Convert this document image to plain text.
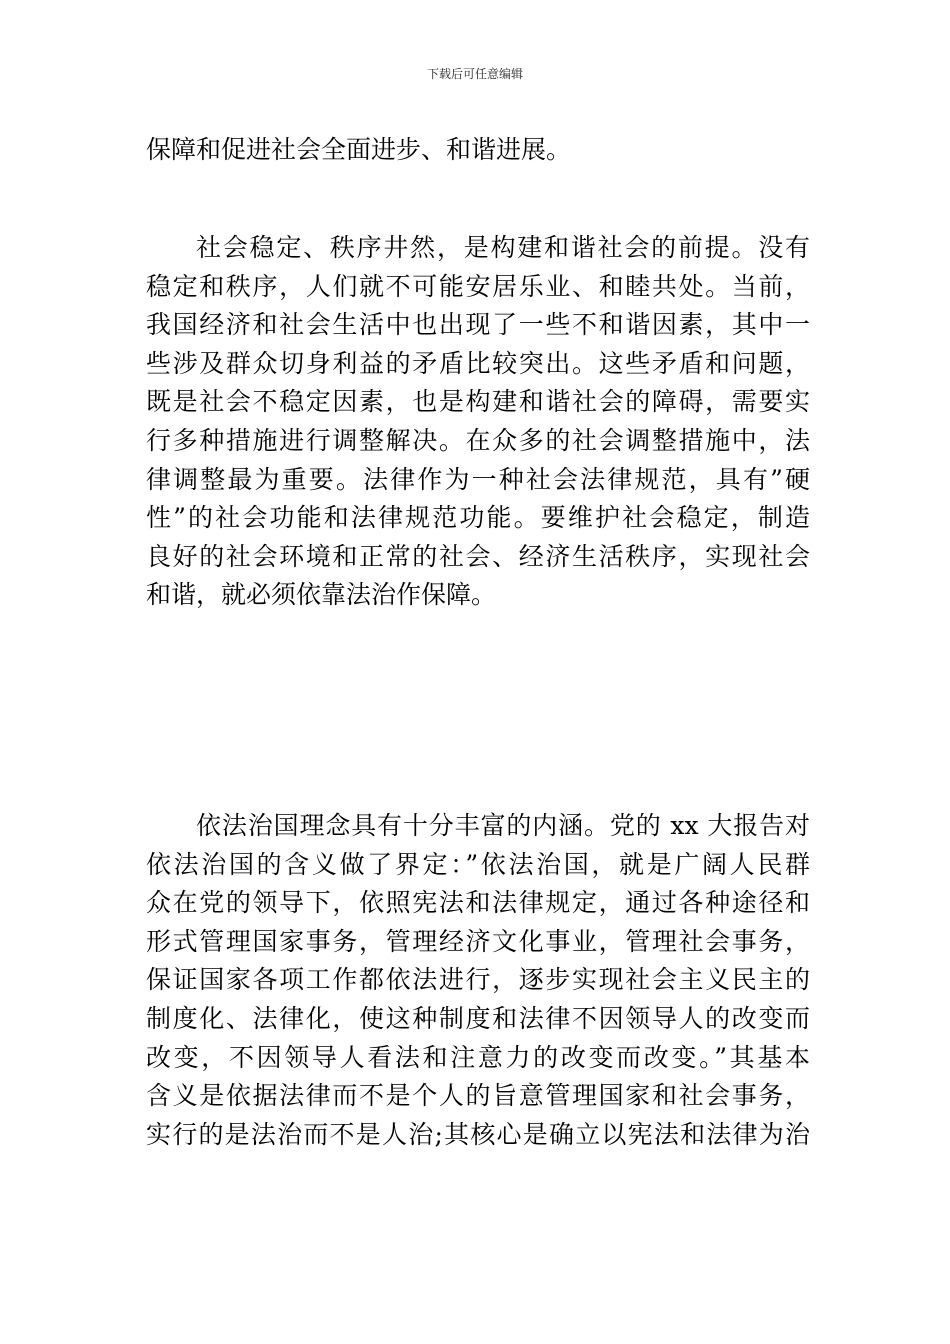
下载后可任意编辑
保障和促进社会全面进步、和谐进展。
社会稳定、秩序井然，是构建和谐社会的前提。没有
稳定和秩序，人们就不可能安居乐业、和睦共处。当前，
我国经济和社会生活中也出现了一些不和谐因素，其中一
些涉及群众切身利益的矛盾比较突出。这些矛盾和问题，
既是社会不稳定因素，也是构建和谐社会的障碍，需要实
行多种措施进行调整解决。在众多的社会调整措施中，法
律调整最为重要。法律作为一种社会法律规范，具有”硬
性”的社会功能和法律规范功能。要维护社会稳定，制造
良好的社会环境和正常的社会、经济生活秩序，实现社会
和谐，就必须依靠法治作保障。
依法治国理念具有十分丰富的内涵。党的 xx 大报告对
依法治国的含义做了界定：”依法治国，就是广阔人民群
众在党的领导下，依照宪法和法律规定，通过各种途径和
形式管理国家事务，管理经济文化事业，管理社会事务，
保证国家各项工作都依法进行，逐步实现社会主义民主的
制度化、法律化，使这种制度和法律不因领导人的改变而
改变，不因领导人看法和注意力的改变而改变。”其基本
含义是依据法律而不是个人的旨意管理国家和社会事务，
实行的是法治而不是人治;其核心是确立以宪法和法律为治
